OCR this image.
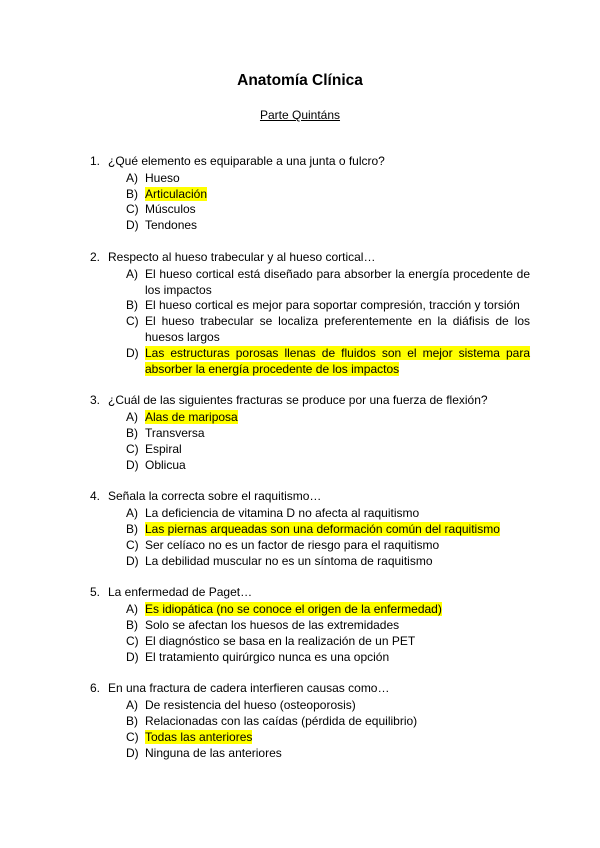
Anatomía Clínica
Parte Quintáns
1. ¿Qué elemento es equiparable a una junta o fulcro?
A) Hueso
B) Articulación
C) Músculos
D) Tendones
2. Respecto al hueso trabecular y al hueso cortical…
A) El hueso cortical está diseñado para absorber la energía procedente de los impactos
B) El hueso cortical es mejor para soportar compresión, tracción y torsión
C) El hueso trabecular se localiza preferentemente en la diáfisis de los huesos largos
D) Las estructuras porosas llenas de fluidos son el mejor sistema para absorber la energía procedente de los impactos
3. ¿Cuál de las siguientes fracturas se produce por una fuerza de flexión?
A) Alas de mariposa
B) Transversa
C) Espiral
D) Oblicua
4. Señala la correcta sobre el raquitismo…
A) La deficiencia de vitamina D no afecta al raquitismo
B) Las piernas arqueadas son una deformación común del raquitismo
C) Ser celíaco no es un factor de riesgo para el raquitismo
D) La debilidad muscular no es un síntoma de raquitismo
5. La enfermedad de Paget…
A) Es idiopática (no se conoce el origen de la enfermedad)
B) Solo se afectan los huesos de las extremidades
C) El diagnóstico se basa en la realización de un PET
D) El tratamiento quirúrgico nunca es una opción
6. En una fractura de cadera interfieren causas como…
A) De resistencia del hueso (osteoporosis)
B) Relacionadas con las caídas (pérdida de equilibrio)
C) Todas las anteriores
D) Ninguna de las anteriores
